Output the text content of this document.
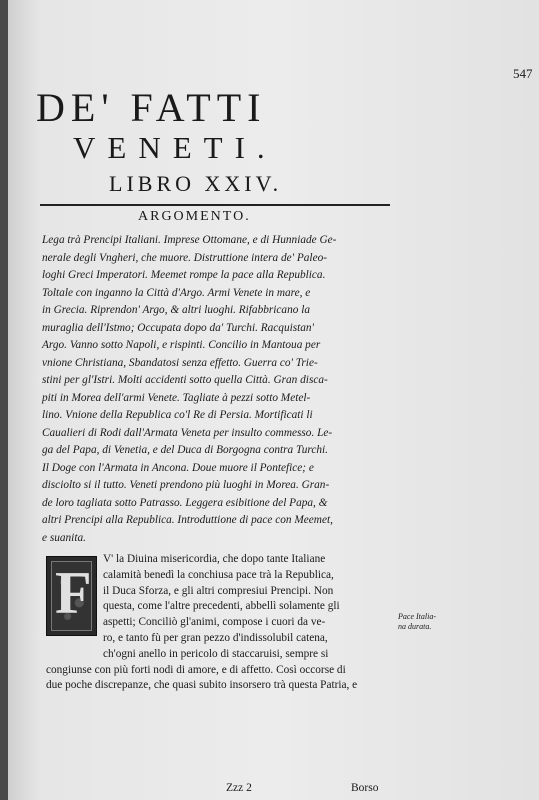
547
DE' FATTI
VENETI.
LIBRO XXIV.
ARGOMENTO.
Lega trà Prencipi Italiani. Imprese Ottomane, e di Hunniade Ge-
nerale degli Vngheri, che muore. Distruttione intera de' Paleo-
loghi Greci Imperatori. Meemet rompe la pace alla Republica.
Toltale con inganno la Città d'Argo. Armi Venete in mare, e
in Grecia. Riprendon' Argo, & altri luoghi. Rifabbricano la
muraglia dell'Istmo; Occupata dopo da' Turchi. Racquistan'
Argo. Vanno sotto Napoli, e rispinti. Concilio in Mantoua per
vnione Christiana, Sbandatosi senza effetto. Guerra co' Trie-
stini per gl'Istri. Molti accidenti sotto quella Città. Gran disca-
piti in Morea dell'armi Venete. Tagliate à pezzi sotto Metel-
lino. Vnione della Republica co'l Re di Persia. Mortificati li
Caualieri di Rodi dall'Armata Veneta per insulto commesso. Le-
ga del Papa, di Venetia, e del Duca di Borgogna contra Turchi.
Il Doge con l'Armata in Ancona. Doue muore il Pontefice; e
disciolto si il tutto. Veneti prendono più luoghi in Morea. Gran-
de loro tagliata sotto Patrasso. Leggera esibitione del Papa, &
altri Prencipi alla Republica. Introduttione di pace con Meemet,
e suanita.
F
V' la Diuina misericordia, che dopo tante Italiane
calamità benedì la conchiusa pace trà la Republica,
il Duca Sforza, e gli altri compresiui Prencipi. Non
questa, come l'altre precedenti, abbellì solamente gli
aspetti; Conciliò gl'animi, compose i cuori da ve-
ro, e tanto fù per gran pezzo d'indissolubil catena,
ch'ogni anello in pericolo di staccaruisi, sempre si
congiunse con più forti nodi di amore, e di affetto. Così occorse di
due poche discrepanze, che quasi subito insorsero trà questa Patria, e
Pace Italia-
na durata.
Zzz 2	Borso
